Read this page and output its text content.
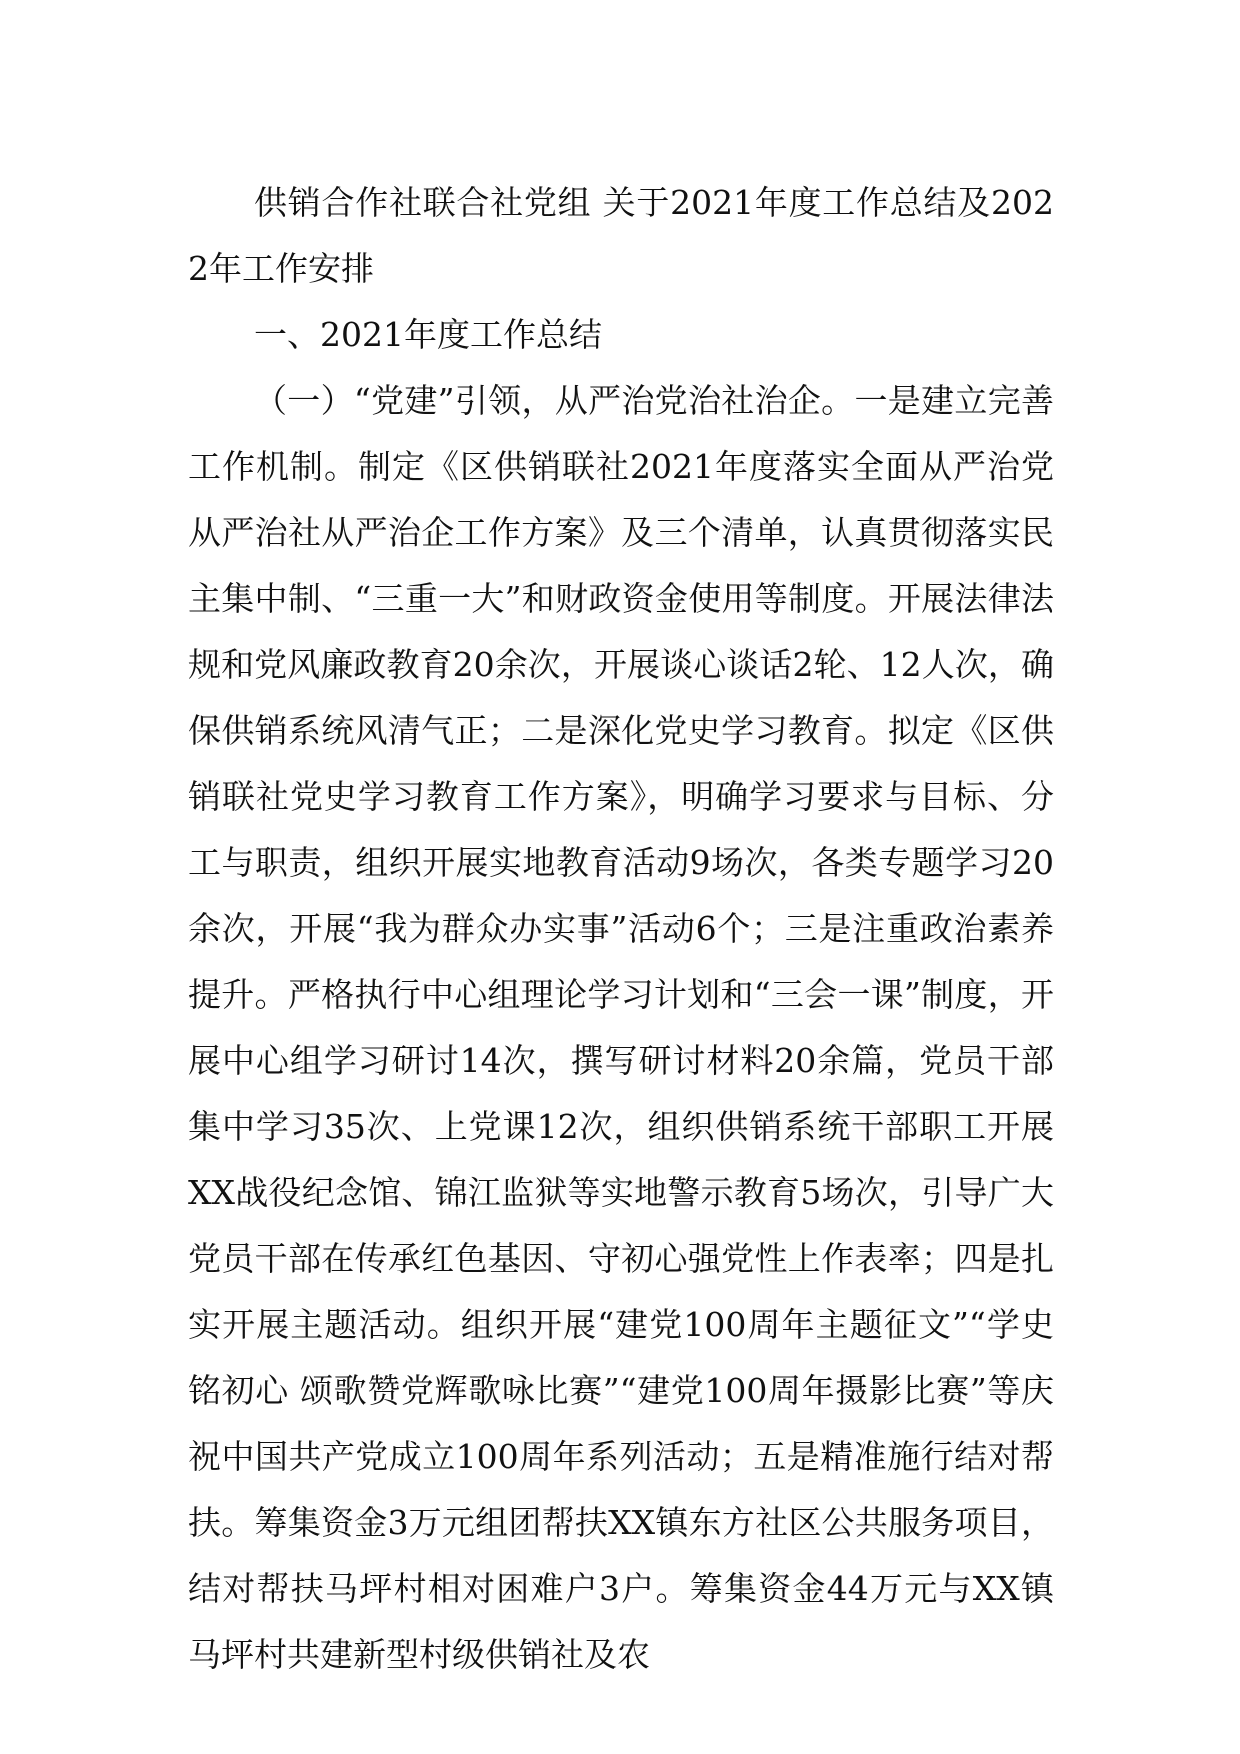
供销合作社联合社党组 关于2021年度工作总结及2022年工作安排

一、2021年度工作总结

（一）“党建”引领，从严治党治社治企。一是建立完善工作机制。制定《区供销联社2021年度落实全面从严治党从严治社从严治企工作方案》及三个清单，认真贯彻落实民主集中制、“三重一大”和财政资金使用等制度。开展法律法规和党风廉政教育20余次，开展谈心谈话2轮、12人次，确保供销系统风清气正；二是深化党史学习教育。拟定《区供销联社党史学习教育工作方案》，明确学习要求与目标、分工与职责，组织开展实地教育活动9场次，各类专题学习20余次，开展“我为群众办实事”活动6个；三是注重政治素养提升。严格执行中心组理论学习计划和“三会一课”制度，开展中心组学习研讨14次，撰写研讨材料20余篇，党员干部集中学习35次、上党课12次，组织供销系统干部职工开展XX战役纪念馆、锦江监狱等实地警示教育5场次，引导广大党员干部在传承红色基因、守初心强党性上作表率；四是扎实开展主题活动。组织开展“建党100周年主题征文”“学史铭初心 颂歌赞党辉歌咏比赛”“建党100周年摄影比赛”等庆祝中国共产党成立100周年系列活动；五是精准施行结对帮扶。筹集资金3万元组团帮扶XX镇东方社区公共服务项目，结对帮扶马坪村相对困难户3户。筹集资金44万元与XX镇马坪村共建新型村级供销社及农
